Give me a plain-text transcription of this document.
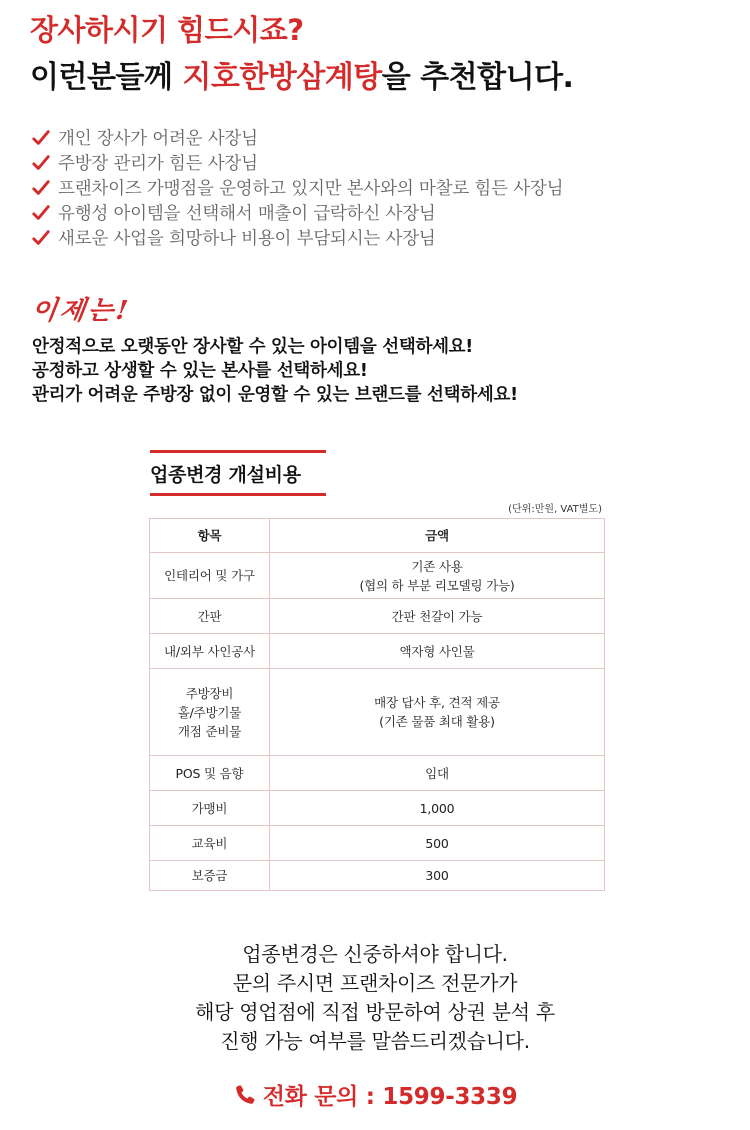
장사하시기 힘드시죠?
이런분들께 지호한방삼계탕을 추천합니다.
개인 장사가 어려운 사장님
주방장 관리가 힘든 사장님
프랜차이즈 가맹점을 운영하고 있지만 본사와의 마찰로 힘든 사장님
유행성 아이템을 선택해서 매출이 급락하신 사장님
새로운 사업을 희망하나 비용이 부담되시는 사장님
이제는!
안정적으로 오랫동안 장사할 수 있는 아이템을 선택하세요!
공정하고 상생할 수 있는 본사를 선택하세요!
관리가 어려운 주방장 없이 운영할 수 있는 브랜드를 선택하세요!
업종변경 개설비용
(단위:만원, VAT별도)
항목	금액

인테리어 및 가구	기존 사용
(협의 하 부분 리모델링 가능)

간판	간판 천갈이 가능

내/외부 사인공사	액자형 사인물

주방장비
홀/주방기물
개점 준비물	매장 답사 후, 견적 제공
(기존 물품 최대 활용)

POS 및 음향	임대

가맹비	1,000

교육비	500

보증금	300
업종변경은 신중하셔야 합니다.
문의 주시면 프랜차이즈 전문가가
해당 영업점에 직접 방문하여 상권 분석 후
진행 가능 여부를 말씀드리겠습니다.
전화 문의 : 1599-3339
